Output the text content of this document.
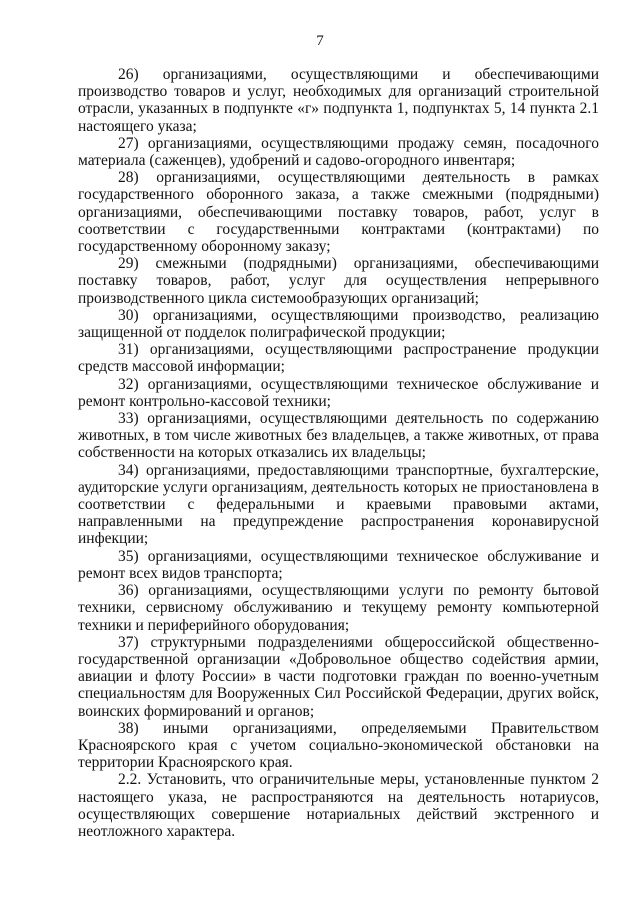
7

26) организациями, осуществляющими и обеспечивающими производство товаров и услуг, необходимых для организаций строительной отрасли, указанных в подпункте «г» подпункта 1, подпунктах 5, 14 пункта 2.1 настоящего указа;

27) организациями, осуществляющими продажу семян, посадочного материала (саженцев), удобрений и садово-огородного инвентаря;

28) организациями, осуществляющими деятельность в рамках государственного оборонного заказа, а также смежными (подрядными) организациями, обеспечивающими поставку товаров, работ, услуг в соответствии с государственными контрактами (контрактами) по государственному оборонному заказу;

29) смежными (подрядными) организациями, обеспечивающими поставку товаров, работ, услуг для осуществления непрерывного производственного цикла системообразующих организаций;

30) организациями, осуществляющими производство, реализацию защищенной от подделок полиграфической продукции;

31) организациями, осуществляющими распространение продукции средств массовой информации;

32) организациями, осуществляющими техническое обслуживание и ремонт контрольно-кассовой техники;

33) организациями, осуществляющими деятельность по содержанию животных, в том числе животных без владельцев, а также животных, от права собственности на которых отказались их владельцы;

34) организациями, предоставляющими транспортные, бухгалтерские, аудиторские услуги организациям, деятельность которых не приостановлена в соответствии с федеральными и краевыми правовыми актами, направленными на предупреждение распространения коронавирусной инфекции;

35) организациями, осуществляющими техническое обслуживание и ремонт всех видов транспорта;

36) организациями, осуществляющими услуги по ремонту бытовой техники, сервисному обслуживанию и текущему ремонту компьютерной техники и периферийного оборудования;

37) структурными подразделениями общероссийской общественно-государственной организации «Добровольное общество содействия армии, авиации и флоту России» в части подготовки граждан по военно-учетным специальностям для Вооруженных Сил Российской Федерации, других войск, воинских формирований и органов;

38) иными организациями, определяемыми Правительством Красноярского края с учетом социально-экономической обстановки на территории Красноярского края.

2.2. Установить, что ограничительные меры, установленные пунктом 2 настоящего указа, не распространяются на деятельность нотариусов, осуществляющих совершение нотариальных действий экстренного и неотложного характера.
